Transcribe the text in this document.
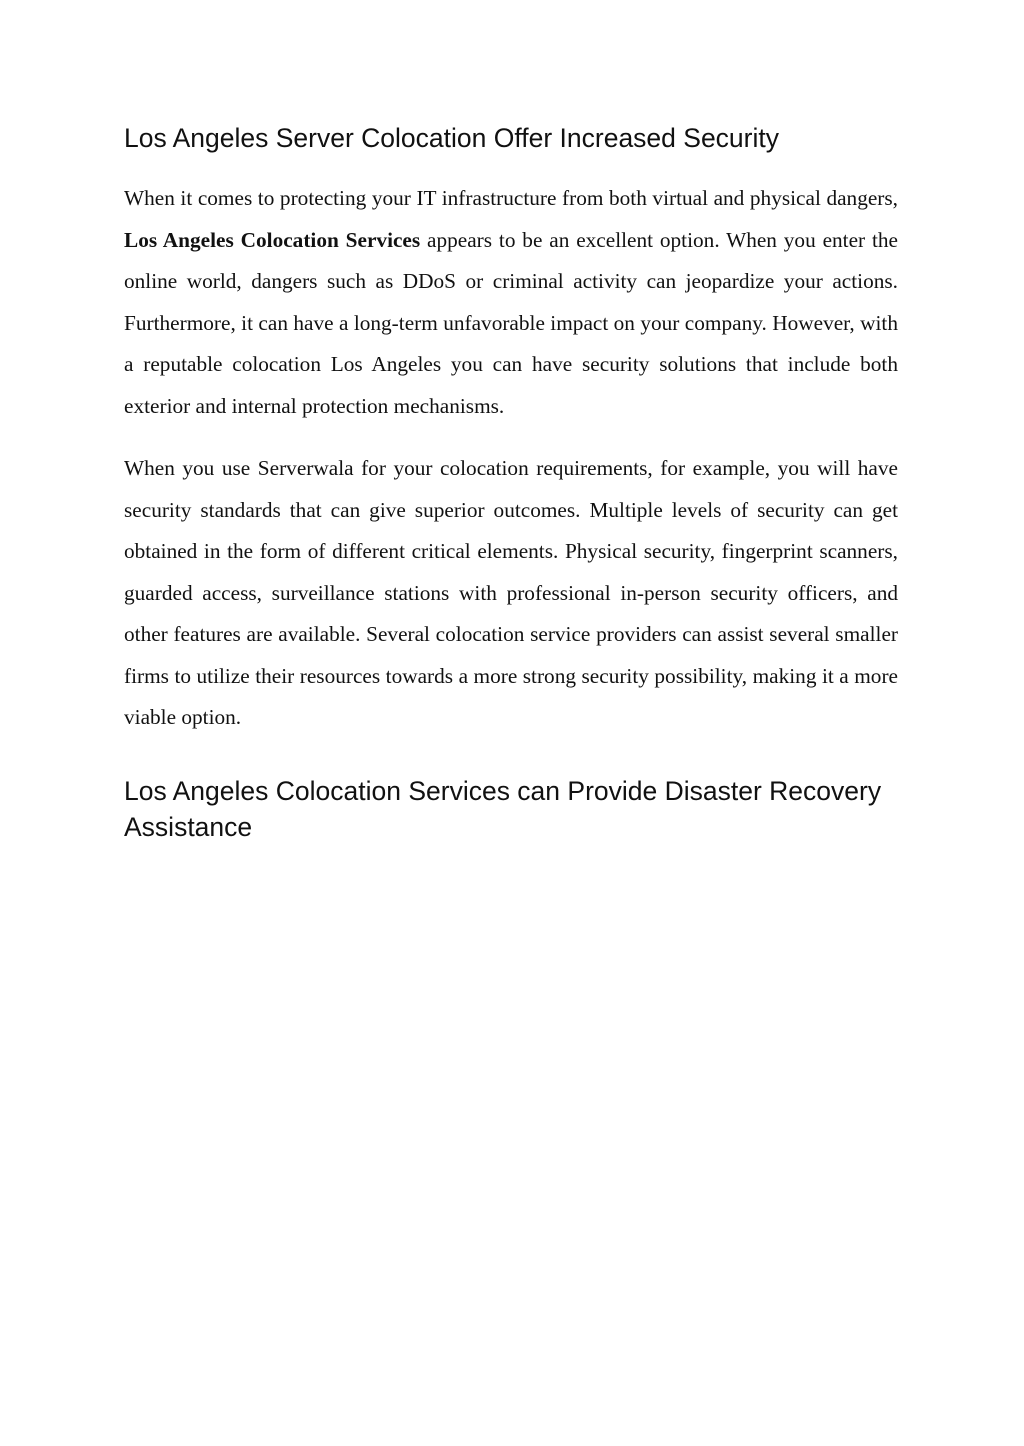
Los Angeles Server Colocation Offer Increased Security

When it comes to protecting your IT infrastructure from both virtual and physical dangers, Los Angeles Colocation Services appears to be an excellent option. When you enter the online world, dangers such as DDoS or criminal activity can jeopardize your actions. Furthermore, it can have a long-term unfavorable impact on your company. However, with a reputable colocation Los Angeles you can have security solutions that include both exterior and internal protection mechanisms.

When you use Serverwala for your colocation requirements, for example, you will have security standards that can give superior outcomes. Multiple levels of security can get obtained in the form of different critical elements. Physical security, fingerprint scanners, guarded access, surveillance stations with professional in-person security officers, and other features are available. Several colocation service providers can assist several smaller firms to utilize their resources towards a more strong security possibility, making it a more viable option.

Los Angeles Colocation Services can Provide Disaster Recovery Assistance
